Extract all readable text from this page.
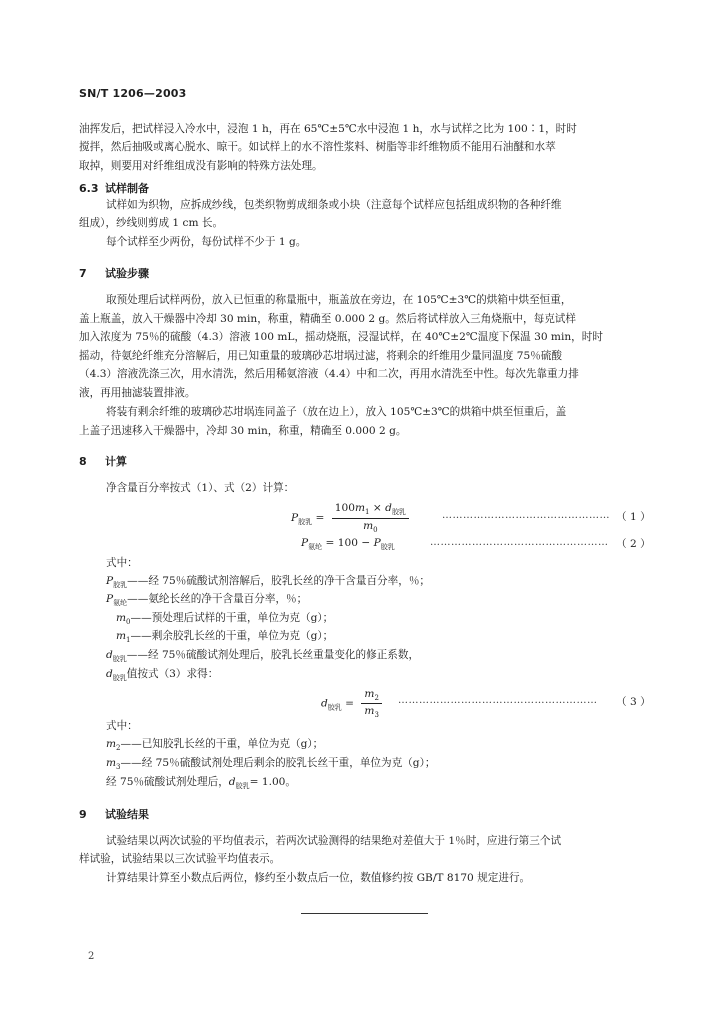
SN/T 1206—2003
油挥发后，把试样浸入冷水中，浸泡 1 h，再在 65℃±5℃水中浸泡 1 h，水与试样之比为 100∶1，时时
搅拌，然后抽吸或离心脱水、晾干。如试样上的水不溶性浆料、树脂等非纤维物质不能用石油醚和水萃
取掉，则要用对纤维组成没有影响的特殊方法处理。
6.3 试样制备
试样如为织物，应拆成纱线，包类织物剪成细条或小块（注意每个试样应包括组成织物的各种纤维
组成），纱线则剪成 1 cm 长。
每个试样至少两份，每份试样不少于 1 g。
7 试验步骤
取预处理后试样两份，放入已恒重的称量瓶中，瓶盖放在旁边，在 105℃±3℃的烘箱中烘至恒重，
盖上瓶盖，放入干燥器中冷却 30 min，称重，精确至 0.000 2 g。然后将试样放入三角烧瓶中，每克试样
加入浓度为 75％的硫酸（4.3）溶液 100 mL，摇动烧瓶，浸湿试样，在 40℃±2℃温度下保温 30 min，时时
摇动，待氨纶纤维充分溶解后，用已知重量的玻璃砂芯坩埚过滤，将剩余的纤维用少量同温度 75％硫酸
（4.3）溶液洗涤三次，用水清洗，然后用稀氨溶液（4.4）中和二次，再用水清洗至中性。每次先靠重力排
液，再用抽滤装置排液。
将装有剩余纤维的玻璃砂芯坩埚连同盖子（放在边上），放入 105℃±3℃的烘箱中烘至恒重后，盖
上盖子迅速移入干燥器中，冷却 30 min，称重，精确至 0.000 2 g。
8 计算
净含量百分率按式（1）、式（2）计算：
$P_{胶乳} = \frac{100m_1 \times d_{胶乳}}{m_0}$	………………………………………… （ 1 ）
$P_{氨纶} = 100 - P_{胶乳}$	…………………………………………… （ 2 ）
式中：
$P_{胶乳}——$经 75％硫酸试剂溶解后，胶乳长丝的净干含量百分率，％；
$P_{氨纶}——$氨纶长丝的净干含量百分率，％；
$m_0——$预处理后试样的干重，单位为克（g）；
$m_1——$剩余胶乳长丝的干重，单位为克（g）；
$d_{胶乳}——$经 75％硫酸试剂处理后，胶乳长丝重量变化的修正系数，
$d_{胶乳}$值按式（3）求得：
$d_{胶乳} = \frac{m_2}{m_3}$ ………………………………………………… （ 3 ）
式中：
$m_2——$已知胶乳长丝的干重，单位为克（g）；
$m_3——$经 75％硫酸试剂处理后剩余的胶乳长丝干重，单位为克（g）；
经 75％硫酸试剂处理后，$d_{胶乳}= 1.00$。
9 试验结果
试验结果以两次试验的平均值表示，若两次试验测得的结果绝对差值大于 1％时，应进行第三个试
样试验，试验结果以三次试验平均值表示。
计算结果计算至小数点后两位，修约至小数点后一位，数值修约按 GB/T 8170 规定进行。
2
